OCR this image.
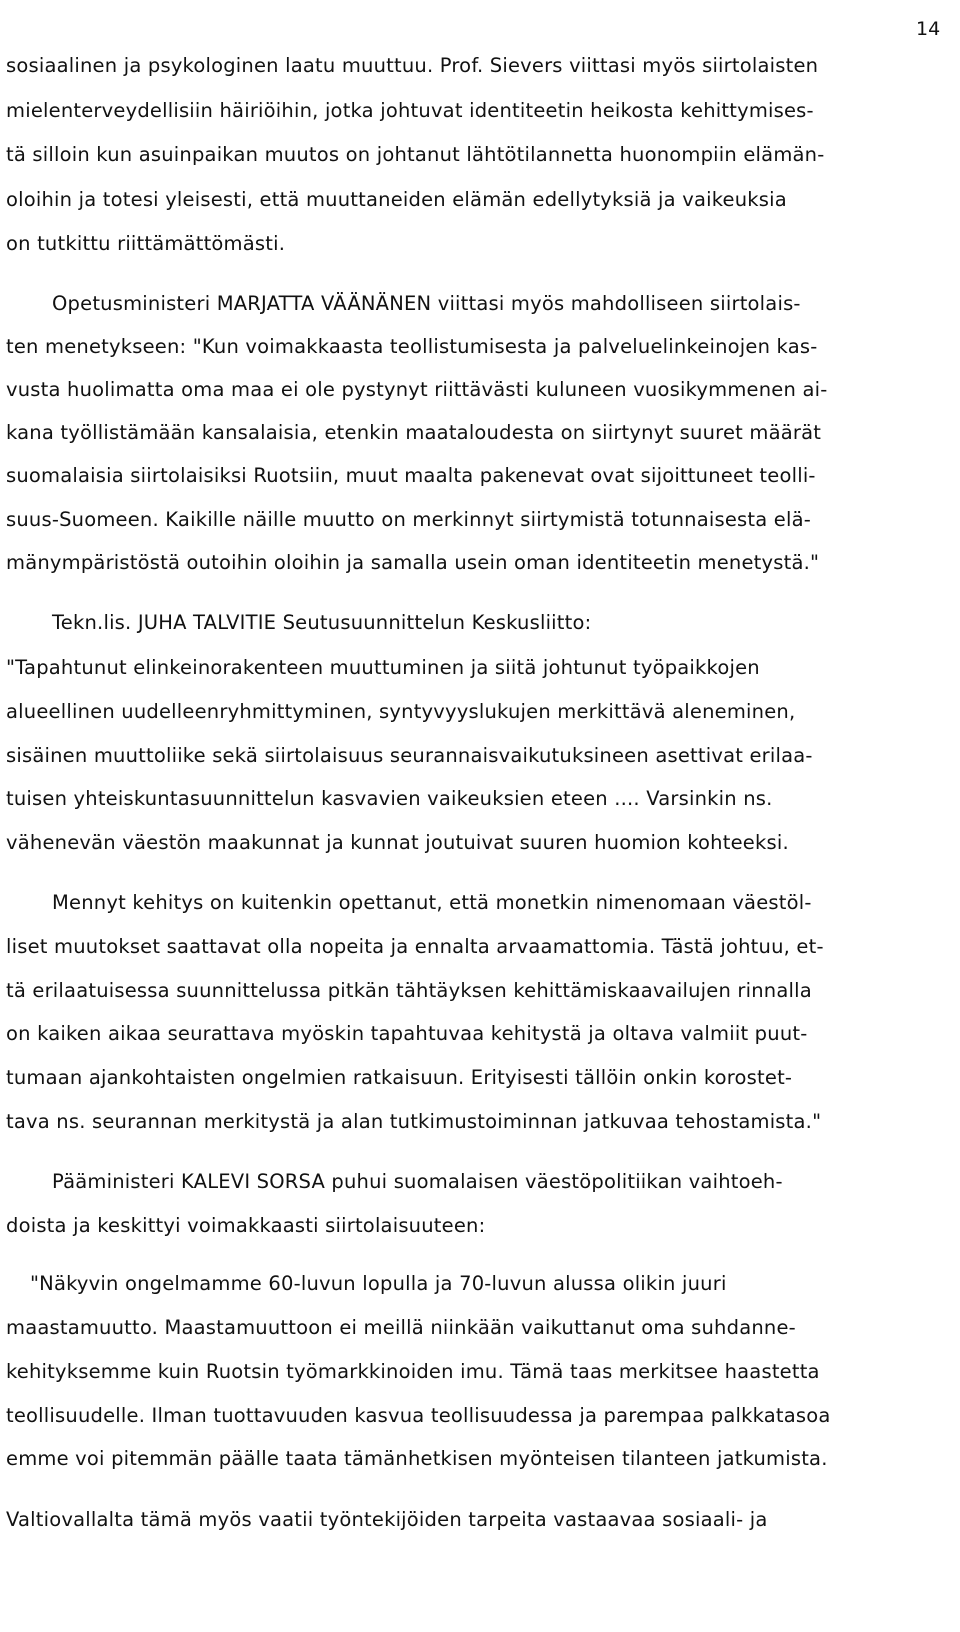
14

sosiaalinen ja psykologinen laatu muuttuu. Prof. Sievers viittasi myös siirtolaisten

mielenterveydellisiin häiriöihin, jotka johtuvat identiteetin heikosta kehittymises-

tä silloin kun asuinpaikan muutos on johtanut lähtötilannetta huonompiin elämän-

oloihin ja totesi yleisesti, että muuttaneiden elämän edellytyksiä ja vaikeuksia

on tutkittu riittämättömästi.

Opetusministeri MARJATTA VÄÄNÄNEN viittasi myös mahdolliseen siirtolais-

ten menetykseen: "Kun voimakkaasta teollistumisesta ja palveluelinkeinojen kas-

vusta huolimatta oma maa ei ole pystynyt riittävästi kuluneen vuosikymmenen ai-

kana työllistämään kansalaisia, etenkin maataloudesta on siirtynyt suuret määrät

suomalaisia siirtolaisiksi Ruotsiin, muut maalta pakenevat ovat sijoittuneet teolli-

suus-Suomeen. Kaikille näille muutto on merkinnyt siirtymistä totunnaisesta elä-

mänympäristöstä outoihin oloihin ja samalla usein oman identiteetin menetystä."

Tekn.lis. JUHA TALVITIE Seutusuunnittelun Keskusliitto:

"Tapahtunut elinkeinorakenteen muuttuminen ja siitä johtunut työpaikkojen

alueellinen uudelleenryhmittyminen, syntyvyyslukujen merkittävä aleneminen,

sisäinen muuttoliike sekä siirtolaisuus seurannaisvaikutuksineen asettivat erilaa-

tuisen yhteiskuntasuunnittelun kasvavien vaikeuksien eteen .... Varsinkin ns.

vähenevän väestön maakunnat ja kunnat joutuivat suuren huomion kohteeksi.

Mennyt kehitys on kuitenkin opettanut, että monetkin nimenomaan väestöl-

liset muutokset saattavat olla nopeita ja ennalta arvaamattomia. Tästä johtuu, et-

tä erilaatuisessa suunnittelussa pitkän tähtäyksen kehittämiskaavailujen rinnalla

on kaiken aikaa seurattava myöskin tapahtuvaa kehitystä ja oltava valmiit puut-

tumaan ajankohtaisten ongelmien ratkaisuun. Erityisesti tällöin onkin korostet-

tava ns. seurannan merkitystä ja alan tutkimustoiminnan jatkuvaa tehostamista."

Pääministeri KALEVI SORSA puhui suomalaisen väestöpolitiikan vaihtoeh-

doista ja keskittyi voimakkaasti siirtolaisuuteen:

"Näkyvin ongelmamme 60-luvun lopulla ja 70-luvun alussa olikin juuri

maastamuutto. Maastamuuttoon ei meillä niinkään vaikuttanut oma suhdanne-

kehityksemme kuin Ruotsin työmarkkinoiden imu. Tämä taas merkitsee haastetta

teollisuudelle. Ilman tuottavuuden kasvua teollisuudessa ja parempaa palkkatasoa

emme voi pitemmän päälle taata tämänhetkisen myönteisen tilanteen jatkumista.

Valtiovallalta tämä myös vaatii työntekijöiden tarpeita vastaavaa sosiaali- ja
